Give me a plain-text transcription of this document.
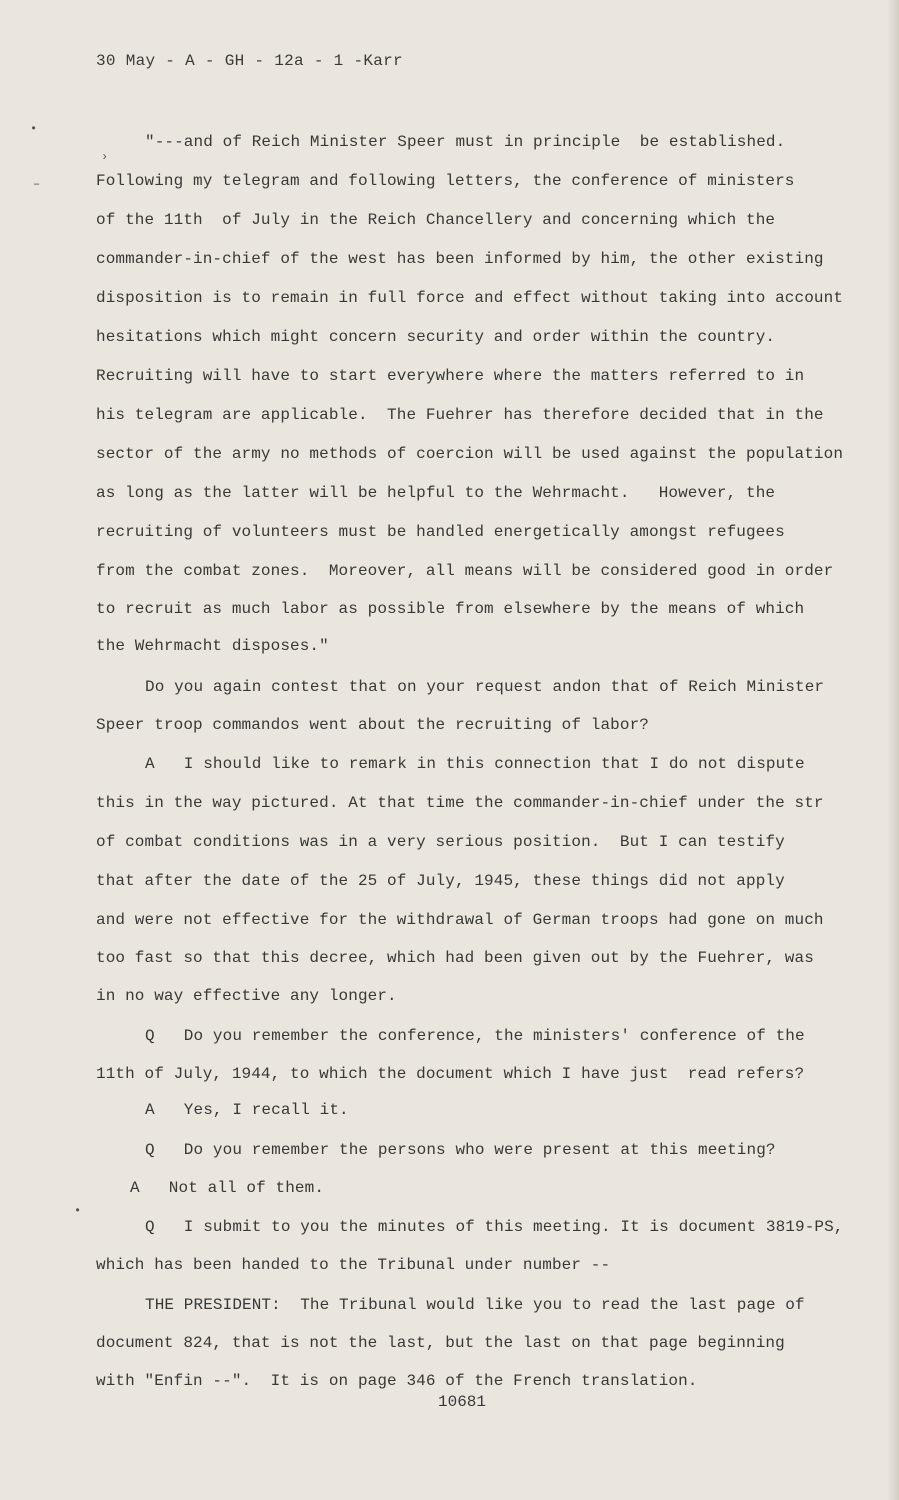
30 May - A - GH - 12a - 1 -Karr
•
›
–
•
"---and of Reich Minister Speer must in principle  be established.
Following my telegram and following letters, the conference of ministers
of the 11th  of July in the Reich Chancellery and concerning which the
commander-in-chief of the west has been informed by him, the other existing
disposition is to remain in full force and effect without taking into account
hesitations which might concern security and order within the country.
Recruiting will have to start everywhere where the matters referred to in
his telegram are applicable.  The Fuehrer has therefore decided that in the
sector of the army no methods of coercion will be used against the population
as long as the latter will be helpful to the Wehrmacht.   However, the
recruiting of volunteers must be handled energetically amongst refugees
from the combat zones.  Moreover, all means will be considered good in order
to recruit as much labor as possible from elsewhere by the means of which
the Wehrmacht disposes."
Do you again contest that on your request andon that of Reich Minister
Speer troop commandos went about the recruiting of labor?
A   I should like to remark in this connection that I do not dispute
this in the way pictured. At that time the commander-in-chief under the str
of combat conditions was in a very serious position.  But I can testify
that after the date of the 25 of July, 1945, these things did not apply
and were not effective for the withdrawal of German troops had gone on much
too fast so that this decree, which had been given out by the Fuehrer, was
in no way effective any longer.
Q   Do you remember the conference, the ministers' conference of the
11th of July, 1944, to which the document which I have just  read refers?
A   Yes, I recall it.
Q   Do you remember the persons who were present at this meeting?
A   Not all of them.
Q   I submit to you the minutes of this meeting. It is document 3819-PS,
which has been handed to the Tribunal under number --
THE PRESIDENT:  The Tribunal would like you to read the last page of
document 824, that is not the last, but the last on that page beginning
with "Enfin --".  It is on page 346 of the French translation.
10681
